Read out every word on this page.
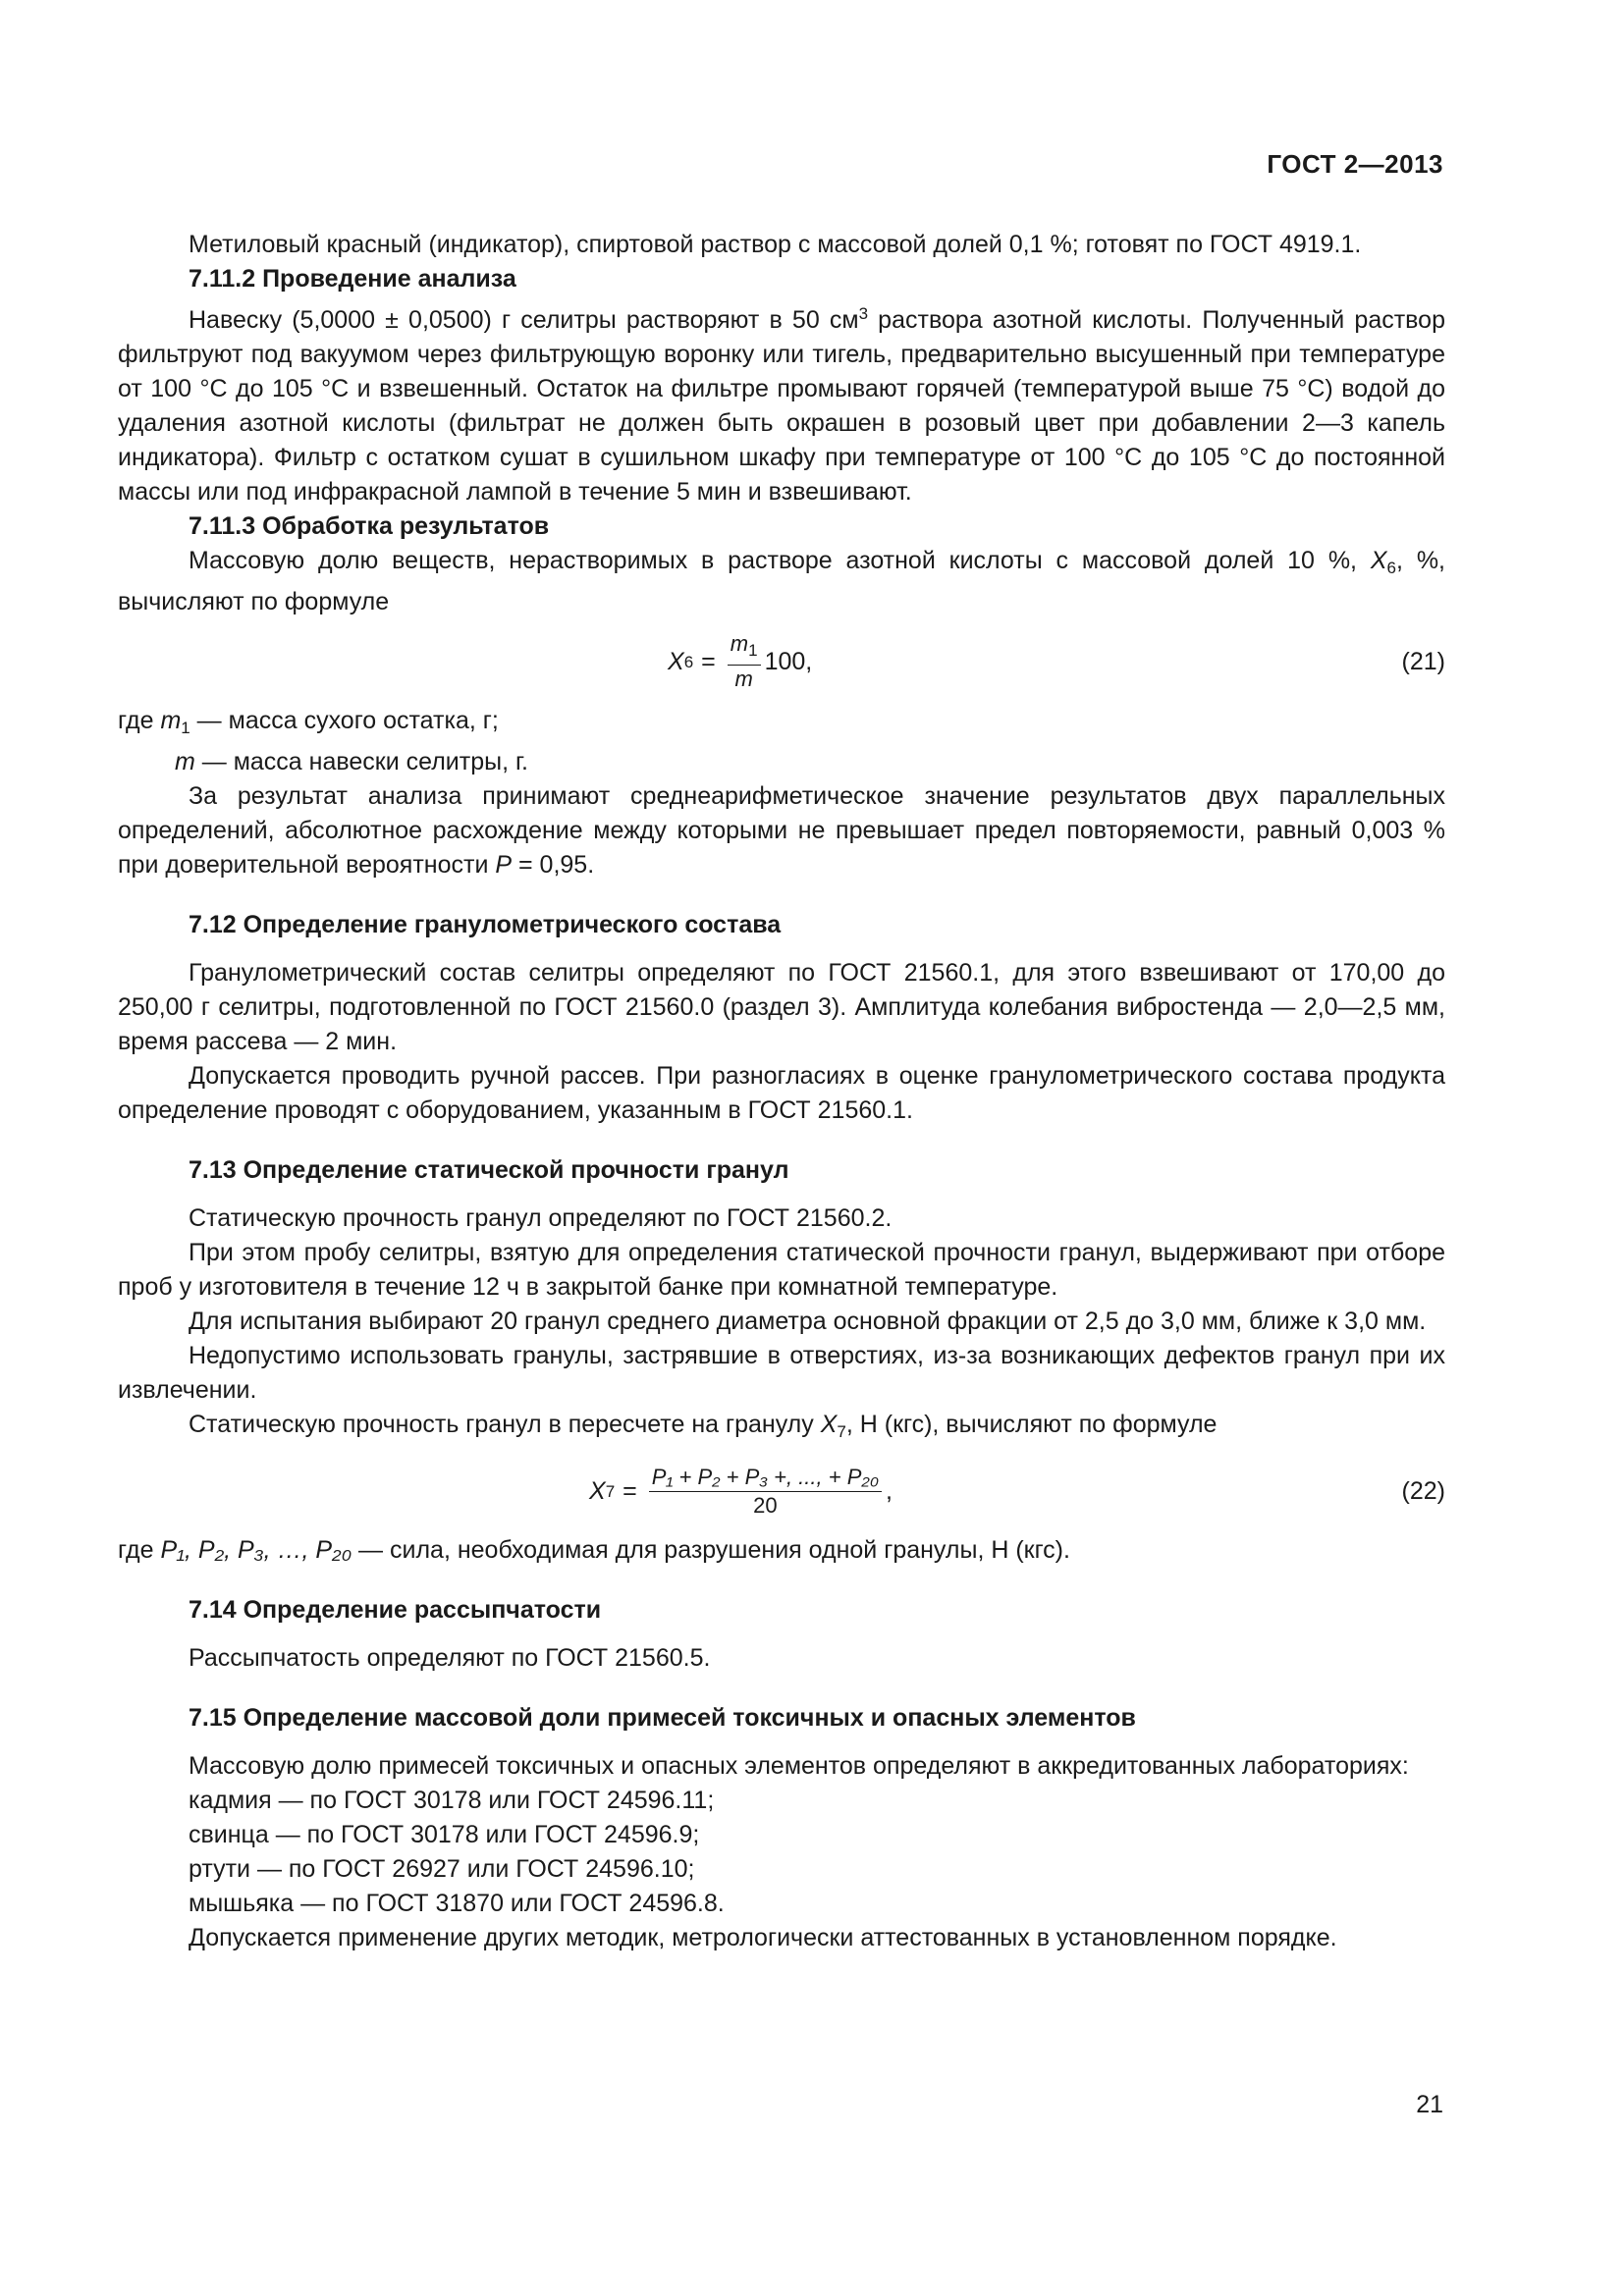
ГОСТ 2—2013

Метиловый красный (индикатор), спиртовой раствор с массовой долей 0,1 %; готовят по ГОСТ 4919.1.

7.11.2 Проведение анализа

Навеску (5,0000 ± 0,0500) г селитры растворяют в 50 $см^3$ раствора азотной кислоты. Полученный раствор фильтруют под вакуумом через фильтрующую воронку или тигель, предварительно высушенный при температуре от 100 °С до 105 °С и взвешенный. Остаток на фильтре промывают горячей (температурой выше 75 °С) водой до удаления азотной кислоты (фильтрат не должен быть окрашен в розовый цвет при добавлении 2—3 капель индикатора). Фильтр с остатком сушат в сушильном шкафу при температуре от 100 °С до 105 °С до постоянной массы или под инфракрасной лампой в течение 5 мин и взвешивают.

7.11.3 Обработка результатов

Массовую долю веществ, нерастворимых в растворе азотной кислоты с массовой долей 10 %, $X_6$, %, вычисляют по формуле

X $6 = \frac{m_1}{m} 100$,	(21)

где $m_1$ — масса сухого остатка, г;

m — масса навески селитры, г.

За результат анализа принимают среднеарифметическое значение результатов двух параллельных определений, абсолютное расхождение между которыми не превышает предел повторяемости, равный 0,003 % при доверительной вероятности P = 0,95.

7.12 Определение гранулометрического состава

Гранулометрический состав селитры определяют по ГОСТ 21560.1, для этого взвешивают от 170,00 до 250,00 г селитры, подготовленной по ГОСТ 21560.0 (раздел 3). Амплитуда колебания вибростенда — 2,0—2,5 мм, время рассева — 2 мин.

Допускается проводить ручной рассев. При разногласиях в оценке гранулометрического состава продукта определение проводят с оборудованием, указанным в ГОСТ 21560.1.

7.13 Определение статической прочности гранул

Статическую прочность гранул определяют по ГОСТ 21560.2.

При этом пробу селитры, взятую для определения статической прочности гранул, выдерживают при отборе проб у изготовителя в течение 12 ч в закрытой банке при комнатной температуре.

Для испытания выбирают 20 гранул среднего диаметра основной фракции от 2,5 до 3,0 мм, ближе к 3,0 мм.

Недопустимо использовать гранулы, застрявшие в отверстиях, из-за возникающих дефектов гранул при их извлечении.

Статическую прочность гранул в пересчете на гранулу $X_7$, Н (кгс), вычисляют по формуле

X $7 = \frac{\text{P₁ + P₂ + P₃ +, ..., + P₂₀}}{20}$ ,	(22)

где P₁, P₂, P₃, …, P₂₀ — сила, необходимая для разрушения одной гранулы, Н (кгс).

7.14 Определение рассыпчатости

Рассыпчатость определяют по ГОСТ 21560.5.

7.15 Определение массовой доли примесей токсичных и опасных элементов

Массовую долю примесей токсичных и опасных элементов определяют в аккредитованных лабораториях:

кадмия — по ГОСТ 30178 или ГОСТ 24596.11;

свинца — по ГОСТ 30178 или ГОСТ 24596.9;

ртути — по ГОСТ 26927 или ГОСТ 24596.10;

мышьяка — по ГОСТ 31870 или ГОСТ 24596.8.

Допускается применение других методик, метрологически аттестованных в установленном порядке.

21
